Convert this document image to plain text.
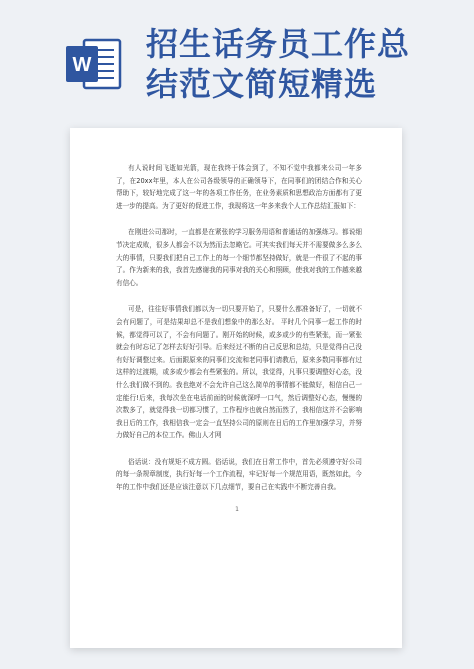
W
招生话务员工作总
结范文简短精选

有人说时间飞逝如光箭，现在我终于体会到了，不知不觉中我都来公司一年多了，在20xx年里，本人在公司各级领导的正确领导下，在同事们的团结合作和关心帮助下，较好地完成了这一年的各项工作任务，在业务素质和思想政治方面都有了更进一步的提高。为了更好的促进工作，我现将这一年多来我个人工作总结汇报如下：

在刚进公司那时，一直都是在紧张的学习服务用语和普通话的加强练习。都说细节决定成败，很多人都会不以为然而去忽略它。可其实我们每天并不需要做多么多么大的事情，只要我们把自己工作上的每一个细节都坚持做好，就是一件很了不起的事了。作为新来的我，我首先感谢我的同事对我的关心和照顾，使我对我的工作越来越有信心。

可是，往往好事情我们都以为一切只要开始了，只要什么都准备好了，一切就不会有问题了，可是结果却总不是我们想象中的那么好。 平时几个同事一起工作的时候，都觉得可以了，不会有问题了。刚开始的时候，或多或少的有些紧张，而一紧张就会有时忘记了怎样去好好引导。后来经过不断的自己反思和总结，只是觉得自己没有好好调整过来。后面跟原来的同事们交流和老同事们请教后，原来多数同事都有过这样的过渡期，或多或少都会有些紧张的。所以，我觉得，凡事只要调整好心态，没什么我们做不到的。我也绝对不会允许自己这么简单的事情都不能做好，相信自己一定能行!后来，我每次坐在电话前面的时候就深呼一口气，然后调整好心态，慢慢的次数多了，就觉得我一切都习惯了，工作程序也就自然而然了，我相信这并不会影响我日后的工作，我相信我一定会一直坚持公司的原则在日后的工作里加强学习，并努力做好自己的本位工作。佛山人才网

俗话说：没有规矩不成方圆。俗话说，我们在日常工作中，首先必须遵守好公司的每一条规章制度，执行好每一个工作流程，牢记好每一个规范用语，既然如此，今年的工作中我们还是应该注意以下几点细节，要自己在实践中不断完善自我。

1
